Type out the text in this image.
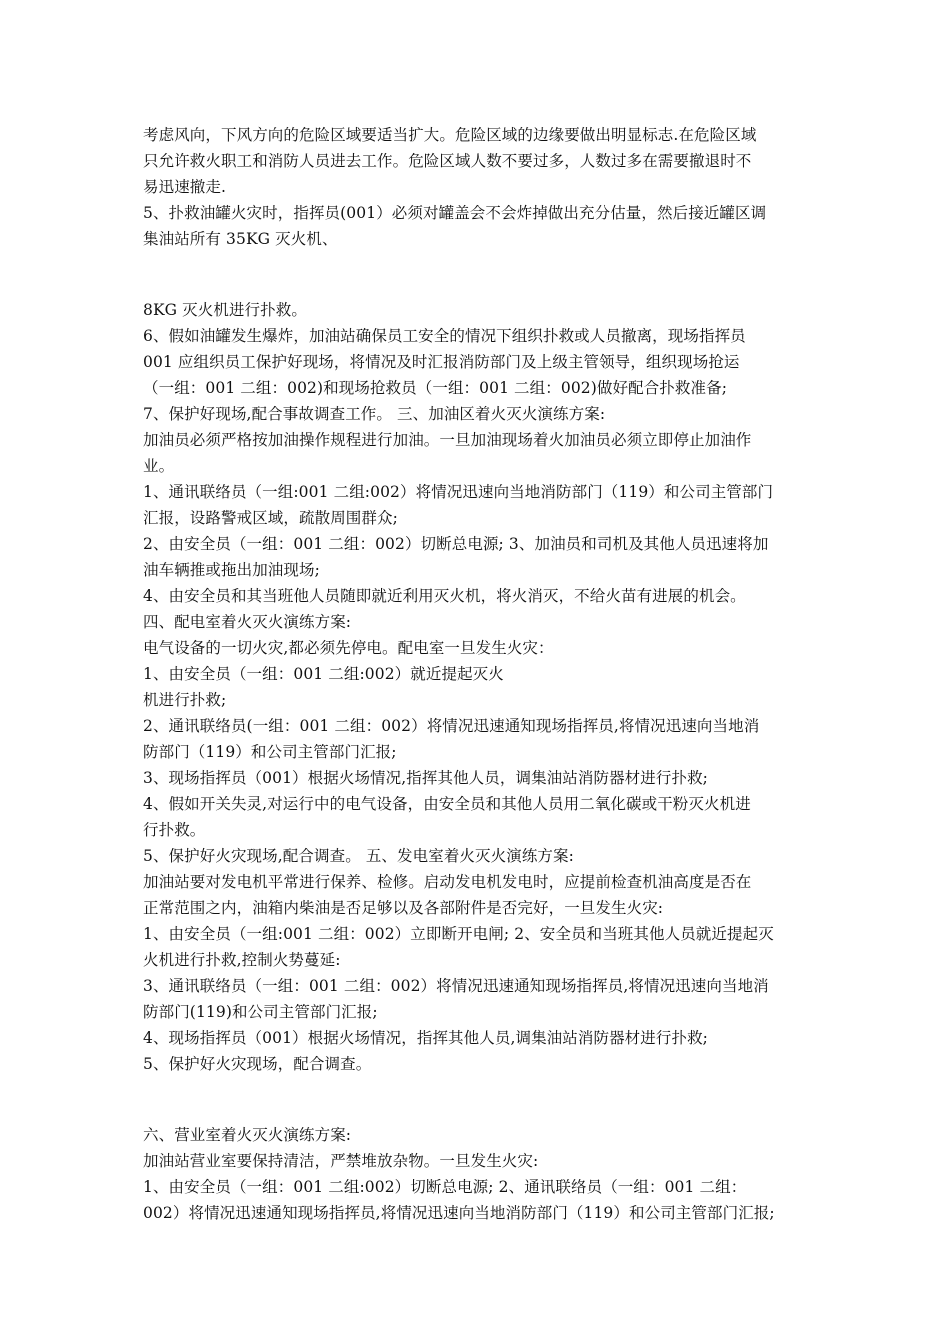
考虑风向，下风方向的危险区域要适当扩大。危险区域的边缘要做出明显标志.在危险区域
只允许救火职工和消防人员进去工作。危险区域人数不要过多，人数过多在需要撤退时不
易迅速撤走.
5、扑救油罐火灾时，指挥员(001）必须对罐盖会不会炸掉做出充分估量，然后接近罐区调
集油站所有 35KG 灭火机、
8KG 灭火机进行扑救。
6、假如油罐发生爆炸，加油站确保员工安全的情况下组织扑救或人员撤离，现场指挥员
001 应组织员工保护好现场，将情况及时汇报消防部门及上级主管领导，组织现场抢运
（一组：001 二组：002)和现场抢救员（一组：001 二组：002)做好配合扑救准备;
7、保护好现场,配合事故调查工作。 三、加油区着火灭火演练方案:
加油员必须严格按加油操作规程进行加油。一旦加油现场着火加油员必须立即停止加油作
业。
1、通讯联络员（一组:001 二组:002）将情况迅速向当地消防部门（119）和公司主管部门
汇报，设路警戒区域，疏散周围群众;
2、由安全员（一组：001 二组：002）切断总电源; 3、加油员和司机及其他人员迅速将加
油车辆推或拖出加油现场;
4、由安全员和其当班他人员随即就近利用灭火机，将火消灭，不给火苗有进展的机会。
四、配电室着火灭火演练方案:
电气设备的一切火灾,都必须先停电。配电室一旦发生火灾：
1、由安全员（一组：001 二组:002）就近提起灭火
机进行扑救;
2、通讯联络员(一组：001 二组：002）将情况迅速通知现场指挥员,将情况迅速向当地消
防部门（119）和公司主管部门汇报;
3、现场指挥员（001）根据火场情况,指挥其他人员，调集油站消防器材进行扑救;
4、假如开关失灵,对运行中的电气设备，由安全员和其他人员用二氧化碳或干粉灭火机进
行扑救。
5、保护好火灾现场,配合调查。 五、发电室着火灭火演练方案:
加油站要对发电机平常进行保养、检修。启动发电机发电时，应提前检查机油高度是否在
正常范围之内，油箱内柴油是否足够以及各部附件是否完好，一旦发生火灾:
1、由安全员（一组:001 二组：002）立即断开电闸; 2、安全员和当班其他人员就近提起灭
火机进行扑救,控制火势蔓延:
3、通讯联络员（一组：001 二组：002）将情况迅速通知现场指挥员,将情况迅速向当地消
防部门(119)和公司主管部门汇报;
4、现场指挥员（001）根据火场情况，指挥其他人员,调集油站消防器材进行扑救;
5、保护好火灾现场，配合调查。
六、营业室着火灭火演练方案:
加油站营业室要保持清洁，严禁堆放杂物。一旦发生火灾:
1、由安全员（一组：001 二组:002）切断总电源; 2、通讯联络员（一组：001 二组：
002）将情况迅速通知现场指挥员,将情况迅速向当地消防部门（119）和公司主管部门汇报;
